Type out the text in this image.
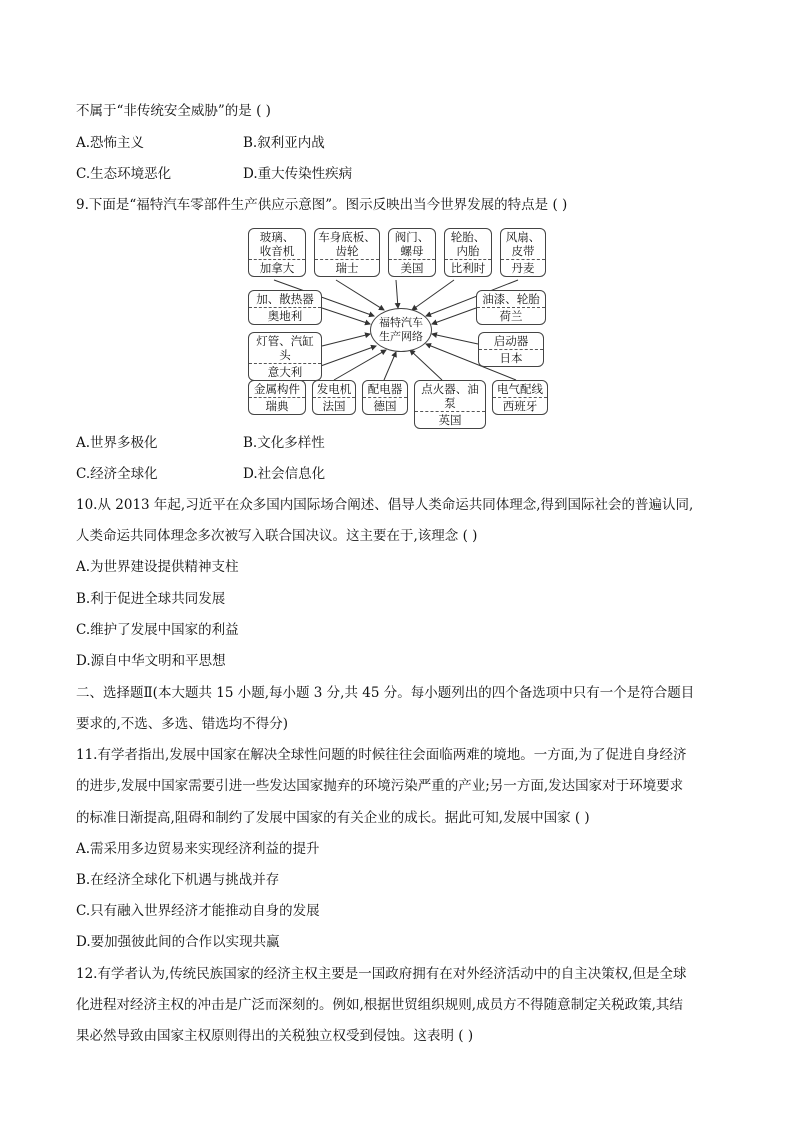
不属于“非传统安全威胁”的是 ( )
A.恐怖主义	B.叙利亚内战
C.生态环境恶化	D.重大传染性疾病
9.下面是“福特汽车零部件生产供应示意图”。图示反映出当今世界发展的特点是 ( )
福特汽车
生产网络
玻璃、
收音机
加拿大
车身底板、
齿轮
瑞士
阀门、
螺母
美国
轮胎、
内胎
比利时
风扇、
皮带
丹麦
加、散热器
奥地利
油漆、轮胎
荷兰
灯管、汽缸头
意大利
启动器
日本
金属构件
瑞典
发电机
法国
配电器
德国
点火器、油泵
英国
电气配线
西班牙
A.世界多极化	B.文化多样性
C.经济全球化	D.社会信息化
10.从 2013 年起,习近平在众多国内国际场合阐述、倡导人类命运共同体理念,得到国际社会的普遍认同,
人类命运共同体理念多次被写入联合国决议。这主要在于,该理念 ( )
A.为世界建设提供精神支柱
B.利于促进全球共同发展
C.维护了发展中国家的利益
D.源自中华文明和平思想
二、选择题Ⅱ(本大题共 15 小题,每小题 3 分,共 45 分。每小题列出的四个备选项中只有一个是符合题目
要求的,不选、多选、错选均不得分)
11.有学者指出,发展中国家在解决全球性问题的时候往往会面临两难的境地。一方面,为了促进自身经济
的进步,发展中国家需要引进一些发达国家抛弃的环境污染严重的产业;另一方面,发达国家对于环境要求
的标准日渐提高,阻碍和制约了发展中国家的有关企业的成长。据此可知,发展中国家 ( )
A.需采用多边贸易来实现经济利益的提升
B.在经济全球化下机遇与挑战并存
C.只有融入世界经济才能推动自身的发展
D.要加强彼此间的合作以实现共赢
12.有学者认为,传统民族国家的经济主权主要是一国政府拥有在对外经济活动中的自主决策权,但是全球
化进程对经济主权的冲击是广泛而深刻的。例如,根据世贸组织规则,成员方不得随意制定关税政策,其结
果必然导致由国家主权原则得出的关税独立权受到侵蚀。这表明 ( )
